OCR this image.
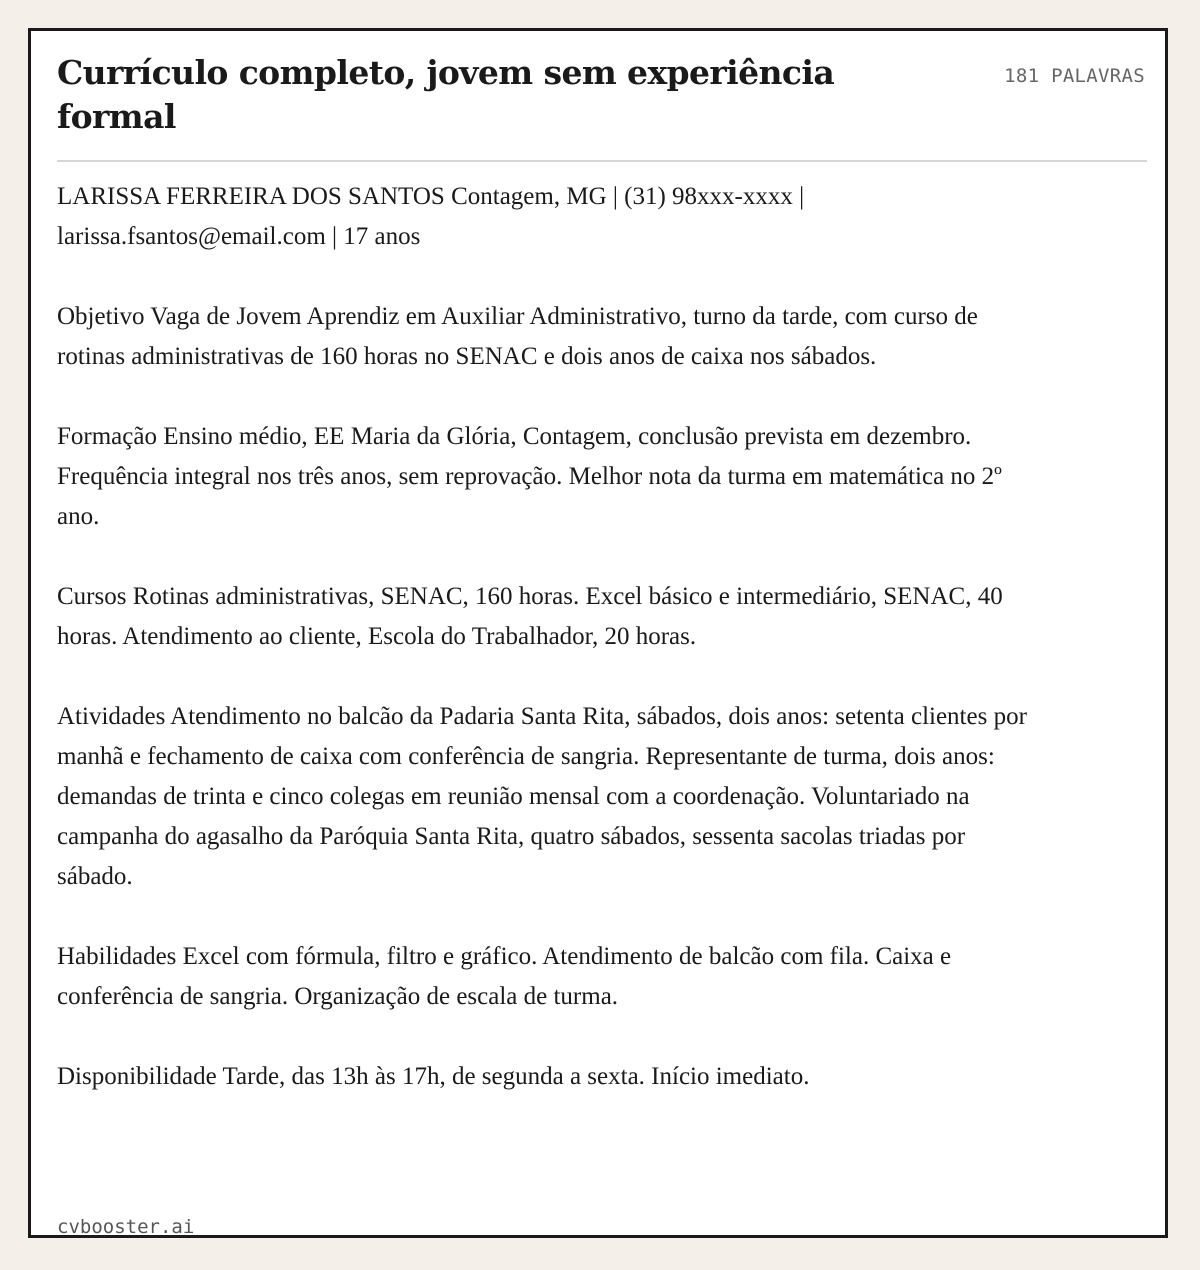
Currículo completo, jovem sem experiência formal
181 PALAVRAS

LARISSA FERREIRA DOS SANTOS Contagem, MG | (31) 98xxx-xxxx | larissa.fsantos@email.com | 17 anos

Objetivo Vaga de Jovem Aprendiz em Auxiliar Administrativo, turno da tarde, com curso de rotinas administrativas de 160 horas no SENAC e dois anos de caixa nos sábados.

Formação Ensino médio, EE Maria da Glória, Contagem, conclusão prevista em dezembro. Frequência integral nos três anos, sem reprovação. Melhor nota da turma em matemática no 2º ano.

Cursos Rotinas administrativas, SENAC, 160 horas. Excel básico e intermediário, SENAC, 40 horas. Atendimento ao cliente, Escola do Trabalhador, 20 horas.

Atividades Atendimento no balcão da Padaria Santa Rita, sábados, dois anos: setenta clientes por manhã e fechamento de caixa com conferência de sangria. Representante de turma, dois anos: demandas de trinta e cinco colegas em reunião mensal com a coordenação. Voluntariado na campanha do agasalho da Paróquia Santa Rita, quatro sábados, sessenta sacolas triadas por sábado.

Habilidades Excel com fórmula, filtro e gráfico. Atendimento de balcão com fila. Caixa e conferência de sangria. Organização de escala de turma.

Disponibilidade Tarde, das 13h às 17h, de segunda a sexta. Início imediato.

cvbooster.ai
